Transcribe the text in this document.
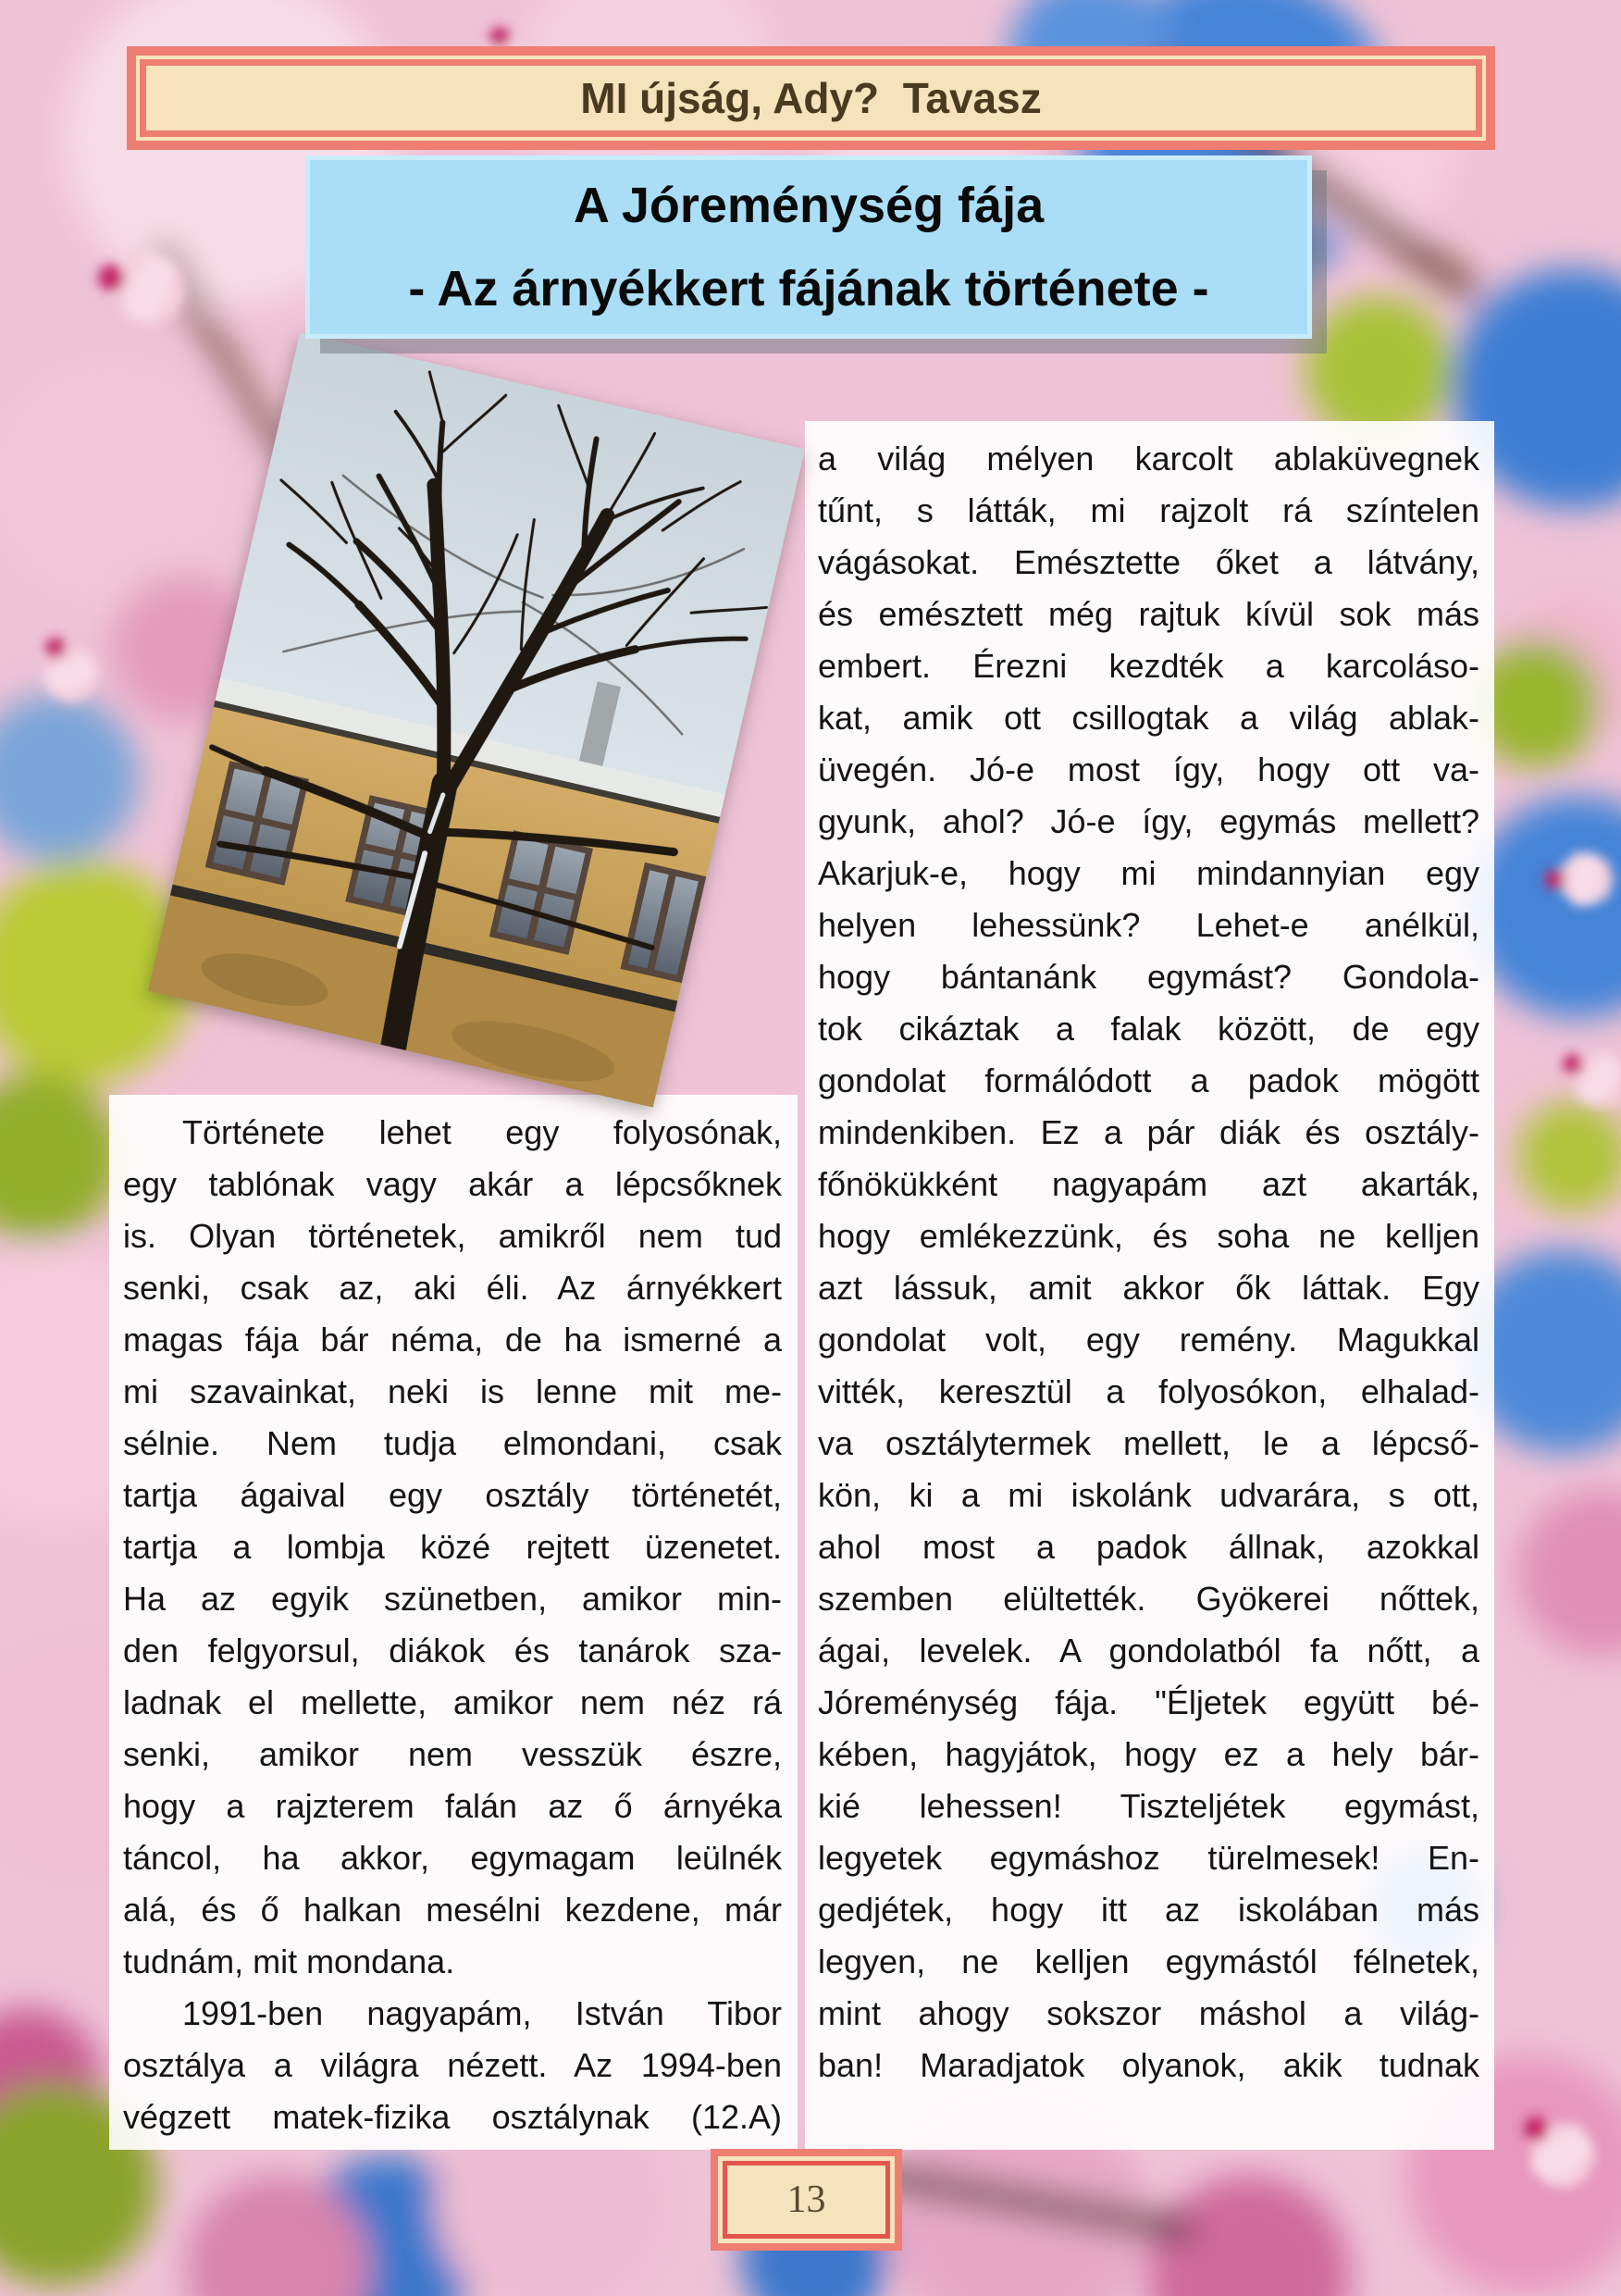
Története lehet egy folyosónak,
egy tablónak vagy akár a lépcsőknek
is. Olyan történetek, amikről nem tud
senki, csak az, aki éli. Az árnyékkert
magas fája bár néma, de ha ismerné a
mi szavainkat, neki is lenne mit me-
sélnie. Nem tudja elmondani, csak
tartja ágaival egy osztály történetét,
tartja a lombja közé rejtett üzenetet.
Ha az egyik szünetben, amikor min-
den felgyorsul, diákok és tanárok sza-
ladnak el mellette, amikor nem néz rá
senki, amikor nem vesszük észre,
hogy a rajzterem falán az ő árnyéka
táncol, ha akkor, egymagam leülnék
alá, és ő halkan mesélni kezdene, már
tudnám, mit mondana.
1991-ben nagyapám, István Tibor
osztálya a világra nézett. Az 1994-ben
végzett matek-fizika osztálynak (12.A)
a világ mélyen karcolt ablaküvegnek
tűnt, s látták, mi rajzolt rá színtelen
vágásokat. Emésztette őket a látvány,
és emésztett még rajtuk kívül sok más
embert. Érezni kezdték a karcoláso-
kat, amik ott csillogtak a világ ablak-
üvegén. Jó-e most így, hogy ott va-
gyunk, ahol? Jó-e így, egymás mellett?
Akarjuk-e, hogy mi mindannyian egy
helyen lehessünk? Lehet-e anélkül,
hogy bántanánk egymást? Gondola-
tok cikáztak a falak között, de egy
gondolat formálódott a padok mögött
mindenkiben. Ez a pár diák és osztály-
főnökükként nagyapám azt akarták,
hogy emlékezzünk, és soha ne kelljen
azt lássuk, amit akkor ők láttak. Egy
gondolat volt, egy remény. Magukkal
vitték, keresztül a folyosókon, elhalad-
va osztálytermek mellett, le a lépcső-
kön, ki a mi iskolánk udvarára, s ott,
ahol most a padok állnak, azokkal
szemben elültették. Gyökerei nőttek,
ágai, levelek. A gondolatból fa nőtt, a
Jóreménység fája. "Éljetek együtt bé-
kében, hagyjátok, hogy ez a hely bár-
kié lehessen! Tiszteljétek egymást,
legyetek egymáshoz türelmesek! En-
gedjétek, hogy itt az iskolában más
legyen, ne kelljen egymástól félnetek,
mint ahogy sokszor máshol a világ-
ban! Maradjatok olyanok, akik tudnak
MI újság, Ady?  Tavasz
A Jóreménység fája
- Az árnyékkert fájának története -
13
